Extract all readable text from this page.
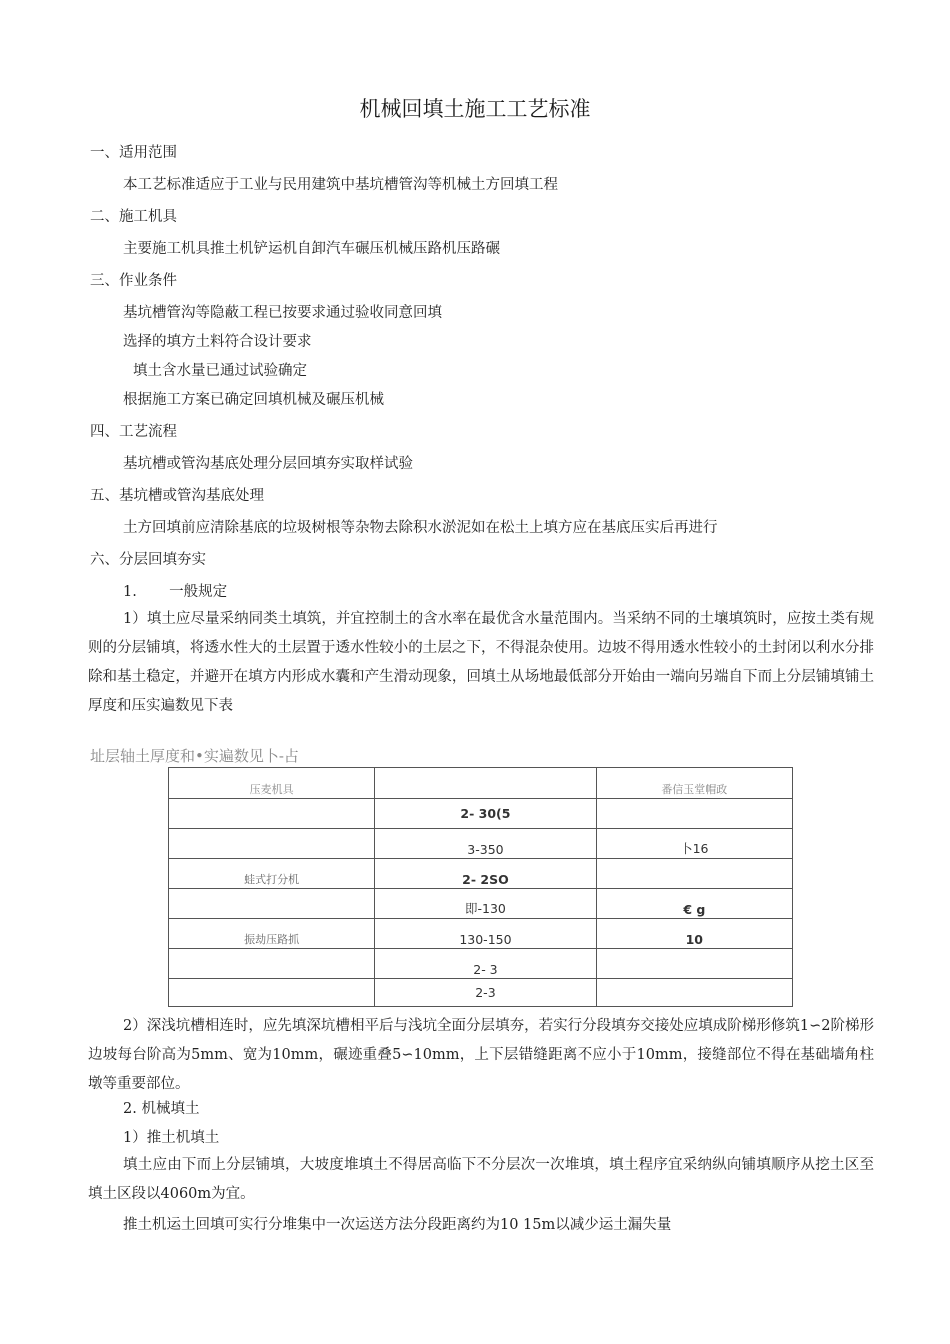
机械回填土施工工艺标准
一、适用范围
本工艺标准适应于工业与民用建筑中基坑槽管沟等机械土方回填工程
二、施工机具
主要施工机具推土机铲运机自卸汽车碾压机械压路机压路碾
三、作业条件
基坑槽管沟等隐蔽工程已按要求通过验收同意回填
选择的填方土料符合设计要求
填土含水量已通过试验确定
根据施工方案已确定回填机械及碾压机械
四、工艺流程
基坑槽或管沟基底处理分层回填夯实取样试验
五、基坑槽或管沟基底处理
土方回填前应清除基底的垃圾树根等杂物去除积水淤泥如在松土上填方应在基底压实后再进行
六、分层回填夯实
1.       一般规定
1）填土应尽量采纳同类土填筑，并宜控制土的含水率在最优含水量范围内。当采纳不同的土壤填筑时，应按土类有规则的分层铺填，将透水性大的土层置于透水性较小的土层之下，不得混杂使用。边坡不得用透水性较小的土封闭以利水分排除和基土稳定，并避开在填方内形成水囊和产生滑动现象，回填土从场地最低部分开始由一端向另端自下而上分层铺填铺土厚度和压实遍数见下表
址层轴土厚度和•实遍数见卜-占
压麦机具		番信玉堂帽政
	2- 30(5	
	3-350	卜16
蛙式打分机	2- 2SO	
	即-130	€ g
振劫压路抓	130-150	10
	2- 3	
	2-3	
2）深浅坑槽相连时，应先填深坑槽相平后与浅坑全面分层填夯，若实行分段填夯交接处应填成阶梯形修筑1∽2阶梯形边坡每台阶高为5mm、宽为10mm，碾迹重叠5∽10mm，上下层错缝距离不应小于10mm，接缝部位不得在基础墙角柱墩等重要部位。
2. 机械填土
1）推土机填土
填土应由下而上分层铺填，大坡度堆填土不得居高临下不分层次一次堆填，填土程序宜采纳纵向铺填顺序从挖土区至填土区段以4060m为宜。
推土机运土回填可实行分堆集中一次运送方法分段距离约为10 15m以减少运土漏失量
